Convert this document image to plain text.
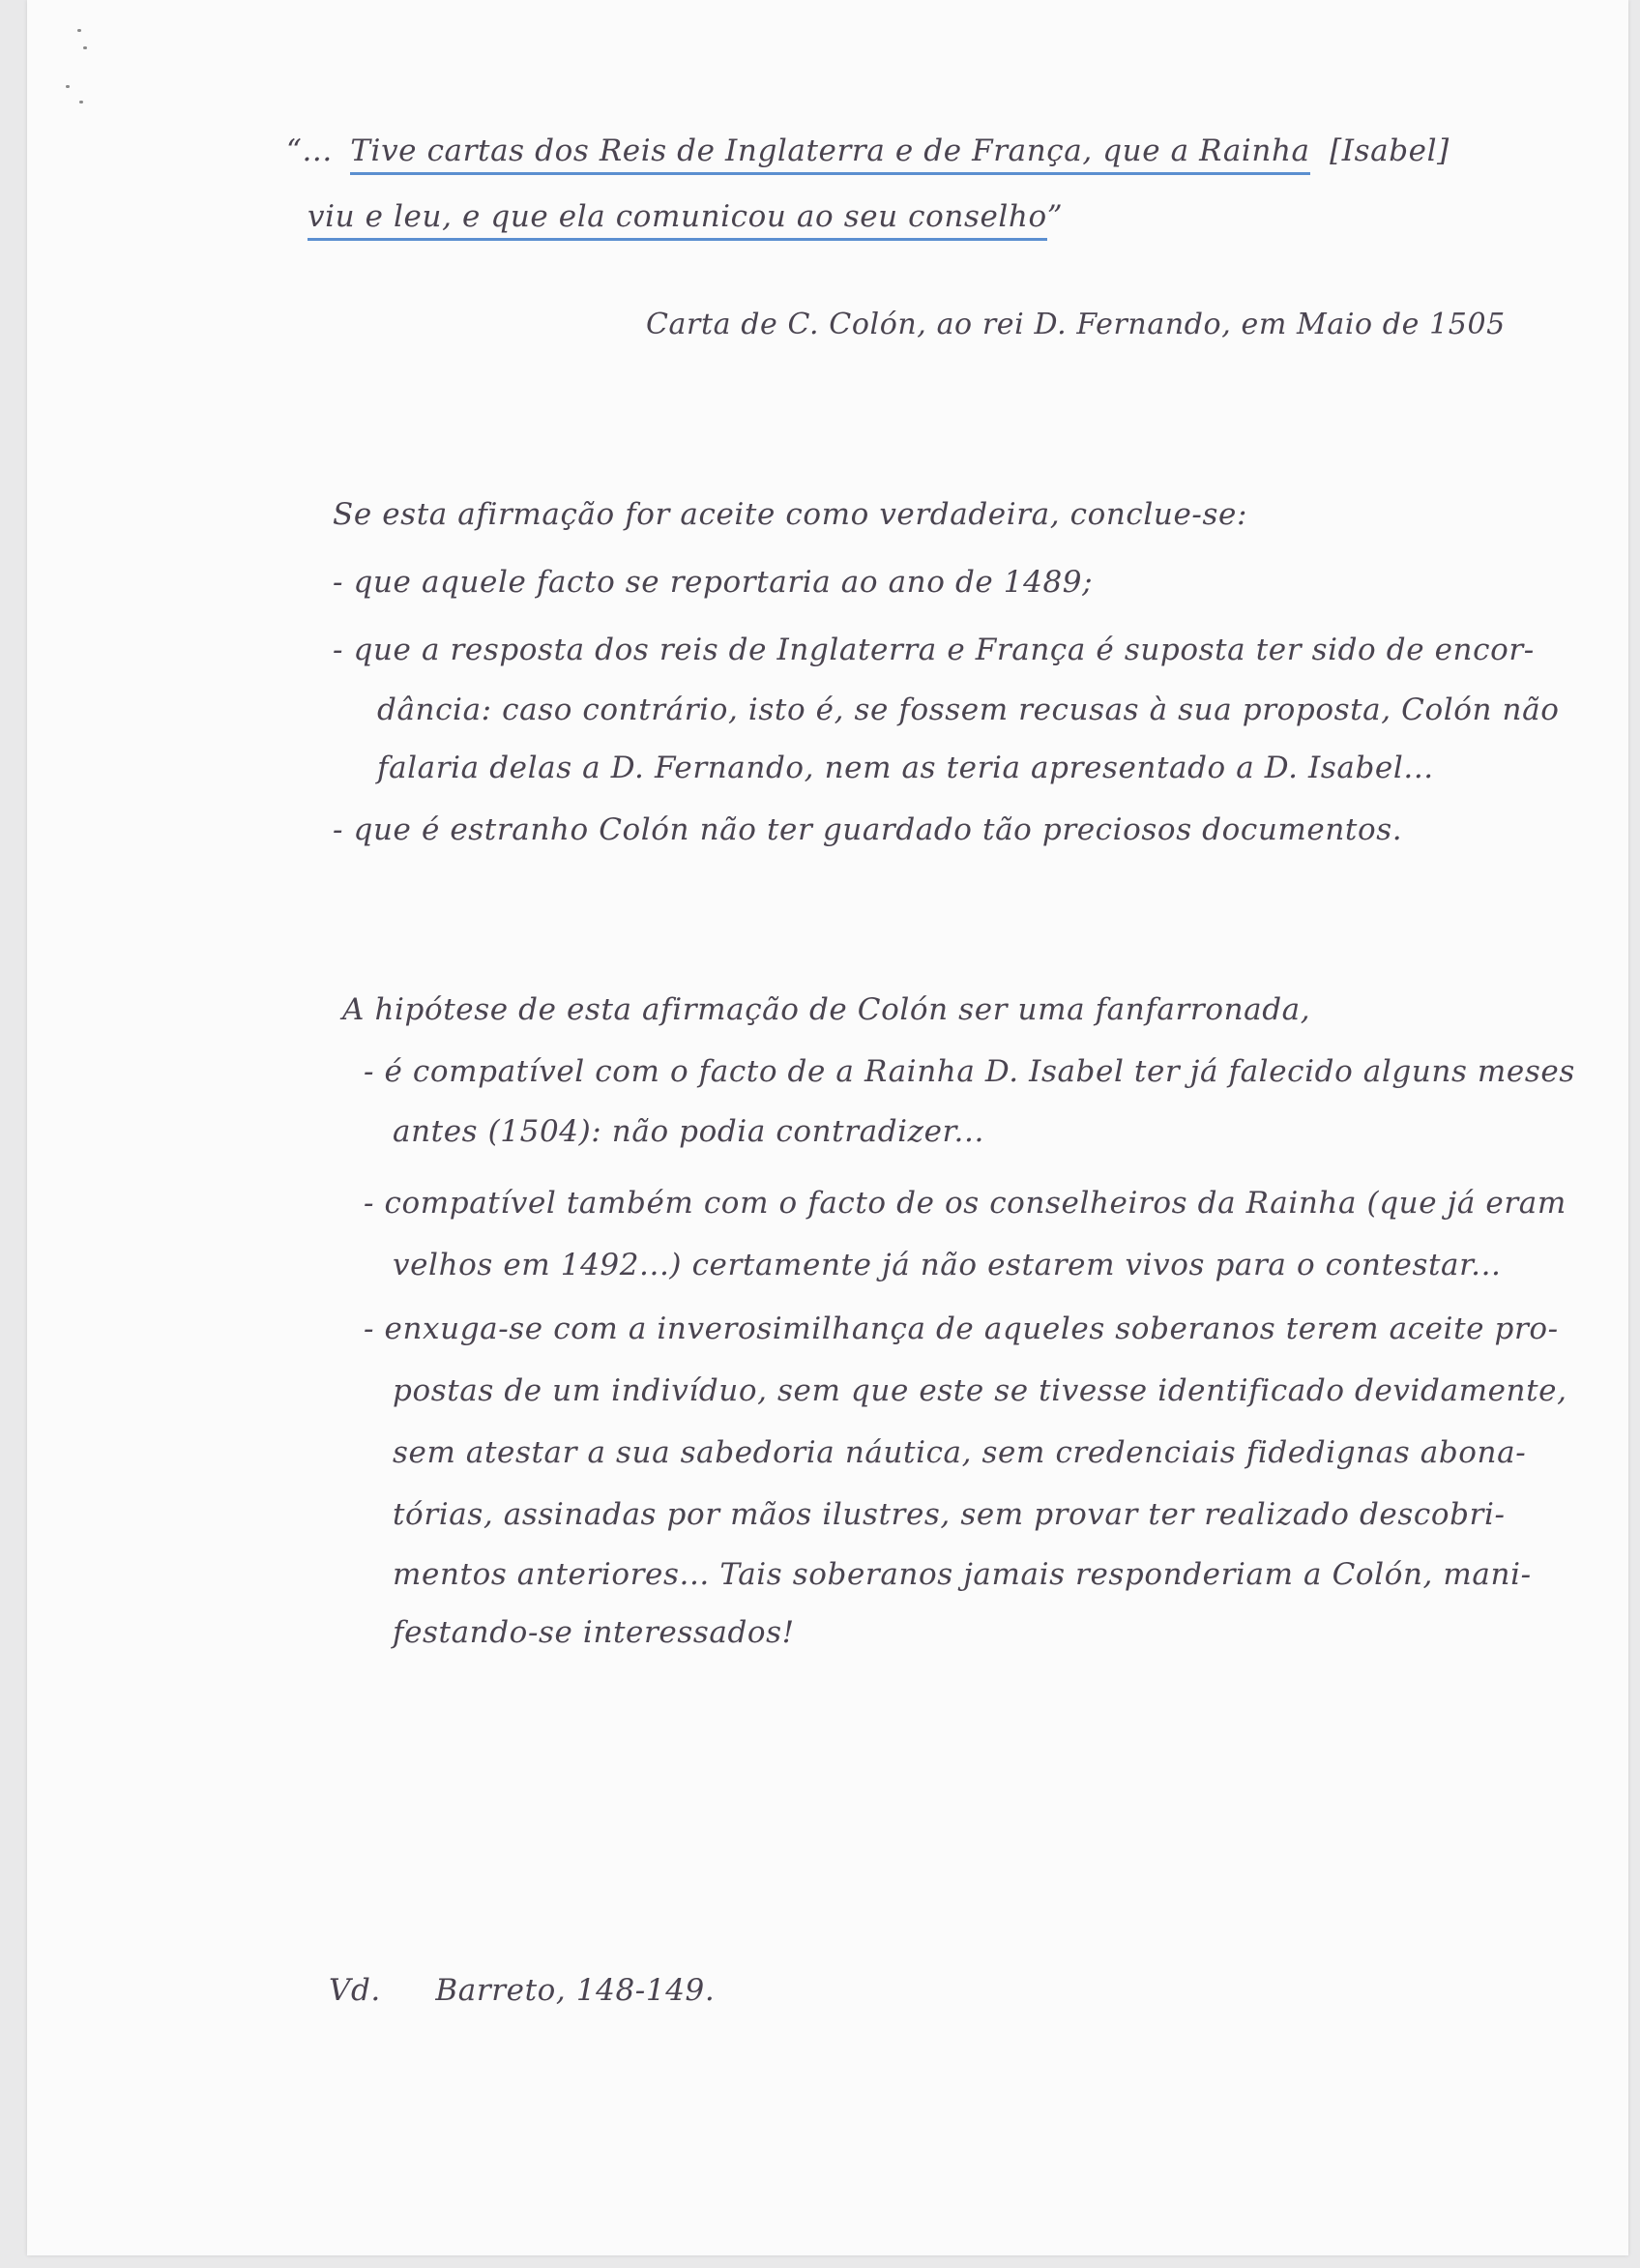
“... Tive cartas dos Reis de Inglaterra e de França, que a Rainha [Isabel]
viu e leu, e que ela comunicou ao seu conselho”
Carta de C. Colón, ao rei D. Fernando, em Maio de 1505
Se esta afirmação for aceite como verdadeira, conclue-se:
- que aquele facto se reportaria ao ano de 1489;
- que a resposta dos reis de Inglaterra e França é suposta ter sido de encor-
dância: caso contrário, isto é, se fossem recusas à sua proposta, Colón não
falaria delas a D. Fernando, nem as teria apresentado a D. Isabel...
- que é estranho Colón não ter guardado tão preciosos documentos.
A hipótese de esta afirmação de Colón ser uma fanfarronada,
- é compatível com o facto de a Rainha D. Isabel ter já falecido alguns meses
antes (1504): não podia contradizer...
- compatível também com o facto de os conselheiros da Rainha (que já eram
velhos em 1492...) certamente já não estarem vivos para o contestar...
- enxuga-se com a inverosimilhança de aqueles soberanos terem aceite pro-
postas de um indivíduo, sem que este se tivesse identificado devidamente,
sem atestar a sua sabedoria náutica, sem credenciais fidedignas abona-
tórias, assinadas por mãos ilustres, sem provar ter realizado descobri-
mentos anteriores... Tais soberanos jamais responderiam a Colón, mani-
festando-se interessados!
Vd. Barreto, 148-149.
